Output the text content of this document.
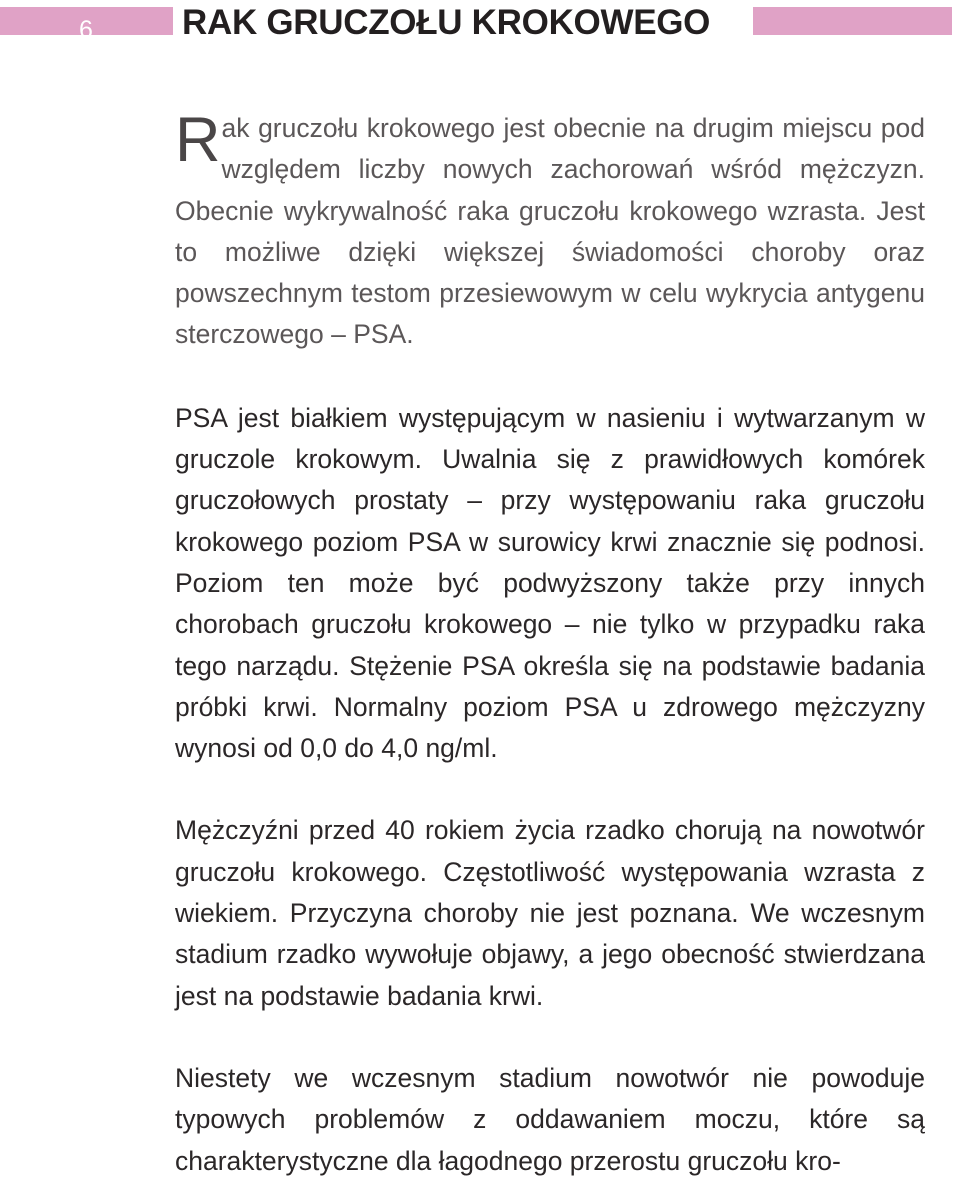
6	RAK GRUCZOŁU KROKOWEGO

Rak gruczołu krokowego jest obecnie na drugim miejscu pod względem liczby nowych zachorowań wśród mężczyzn. Obecnie wykrywalność raka gruczołu krokowego wzrasta. Jest to możliwe dzięki większej świadomości choroby oraz powszechnym testom przesiewowym w celu wykrycia antygenu sterczowego – PSA.

PSA jest białkiem występującym w nasieniu i wytwarzanym w gruczole krokowym. Uwalnia się z prawidłowych komórek gruczołowych prostaty – przy występowaniu raka gruczołu krokowego poziom PSA w surowicy krwi znacznie się podnosi. Poziom ten może być podwyższony także przy innych chorobach gruczołu krokowego – nie tylko w przypadku raka tego narządu. Stężenie PSA określa się na podstawie badania próbki krwi. Normalny poziom PSA u zdrowego mężczyzny wynosi od 0,0 do 4,0 ng/ml.

Mężczyźni przed 40 rokiem życia rzadko chorują na nowotwór gruczołu krokowego. Częstotliwość występowania wzrasta z wiekiem. Przyczyna choroby nie jest poznana. We wczesnym stadium rzadko wywołuje objawy, a jego obecność stwierdzana jest na podstawie badania krwi.

Niestety we wczesnym stadium nowotwór nie powoduje typowych problemów z oddawaniem moczu, które są charakterystyczne dla łagodnego przerostu gruczołu kro-
